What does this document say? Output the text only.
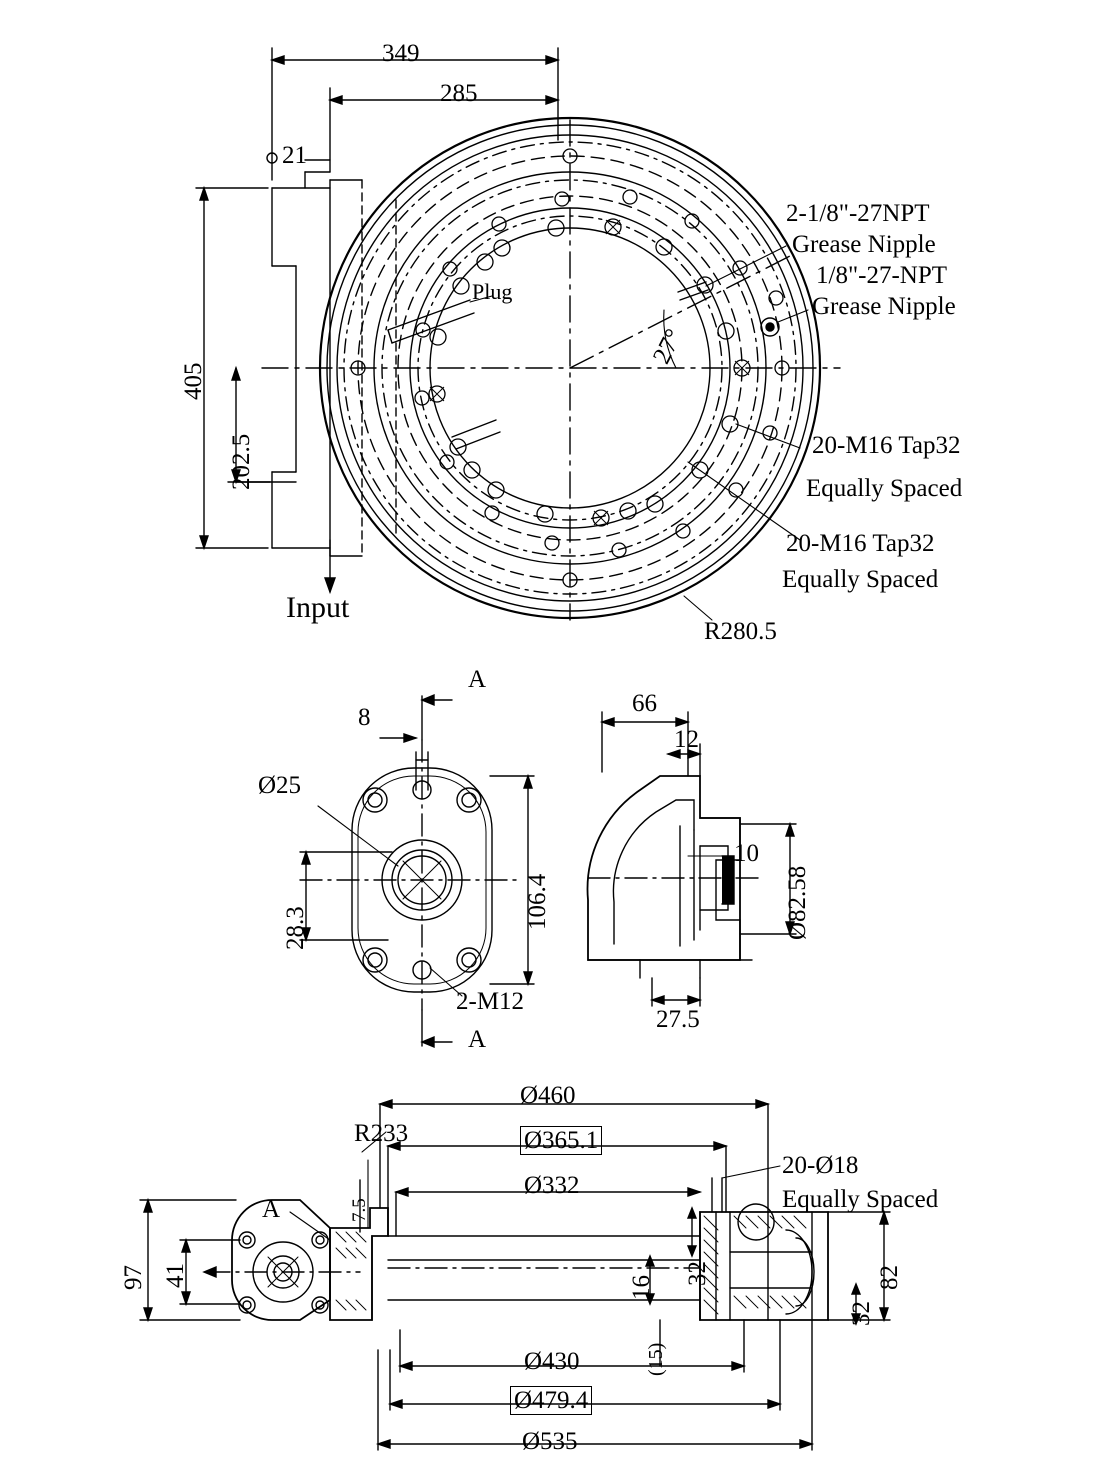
349
285
21
405
202.5
27°
Plug
2-1/8"-27NPT
Grease Nipple
1/8"-27-NPT
Grease Nipple
20-M16 Tap32
Equally Spaced
20-M16 Tap32
Equally Spaced
R280.5
Input
A
A
8
Ø25
28.3	106.4
2-M12
66
12
10
Ø82.58
27.5
R233
7.5
Ø460
Ø365.1
Ø332
20-Ø18
Equally Spaced
A
97 41	16
32
32
82
(15)
Ø430
Ø479.4
Ø535
